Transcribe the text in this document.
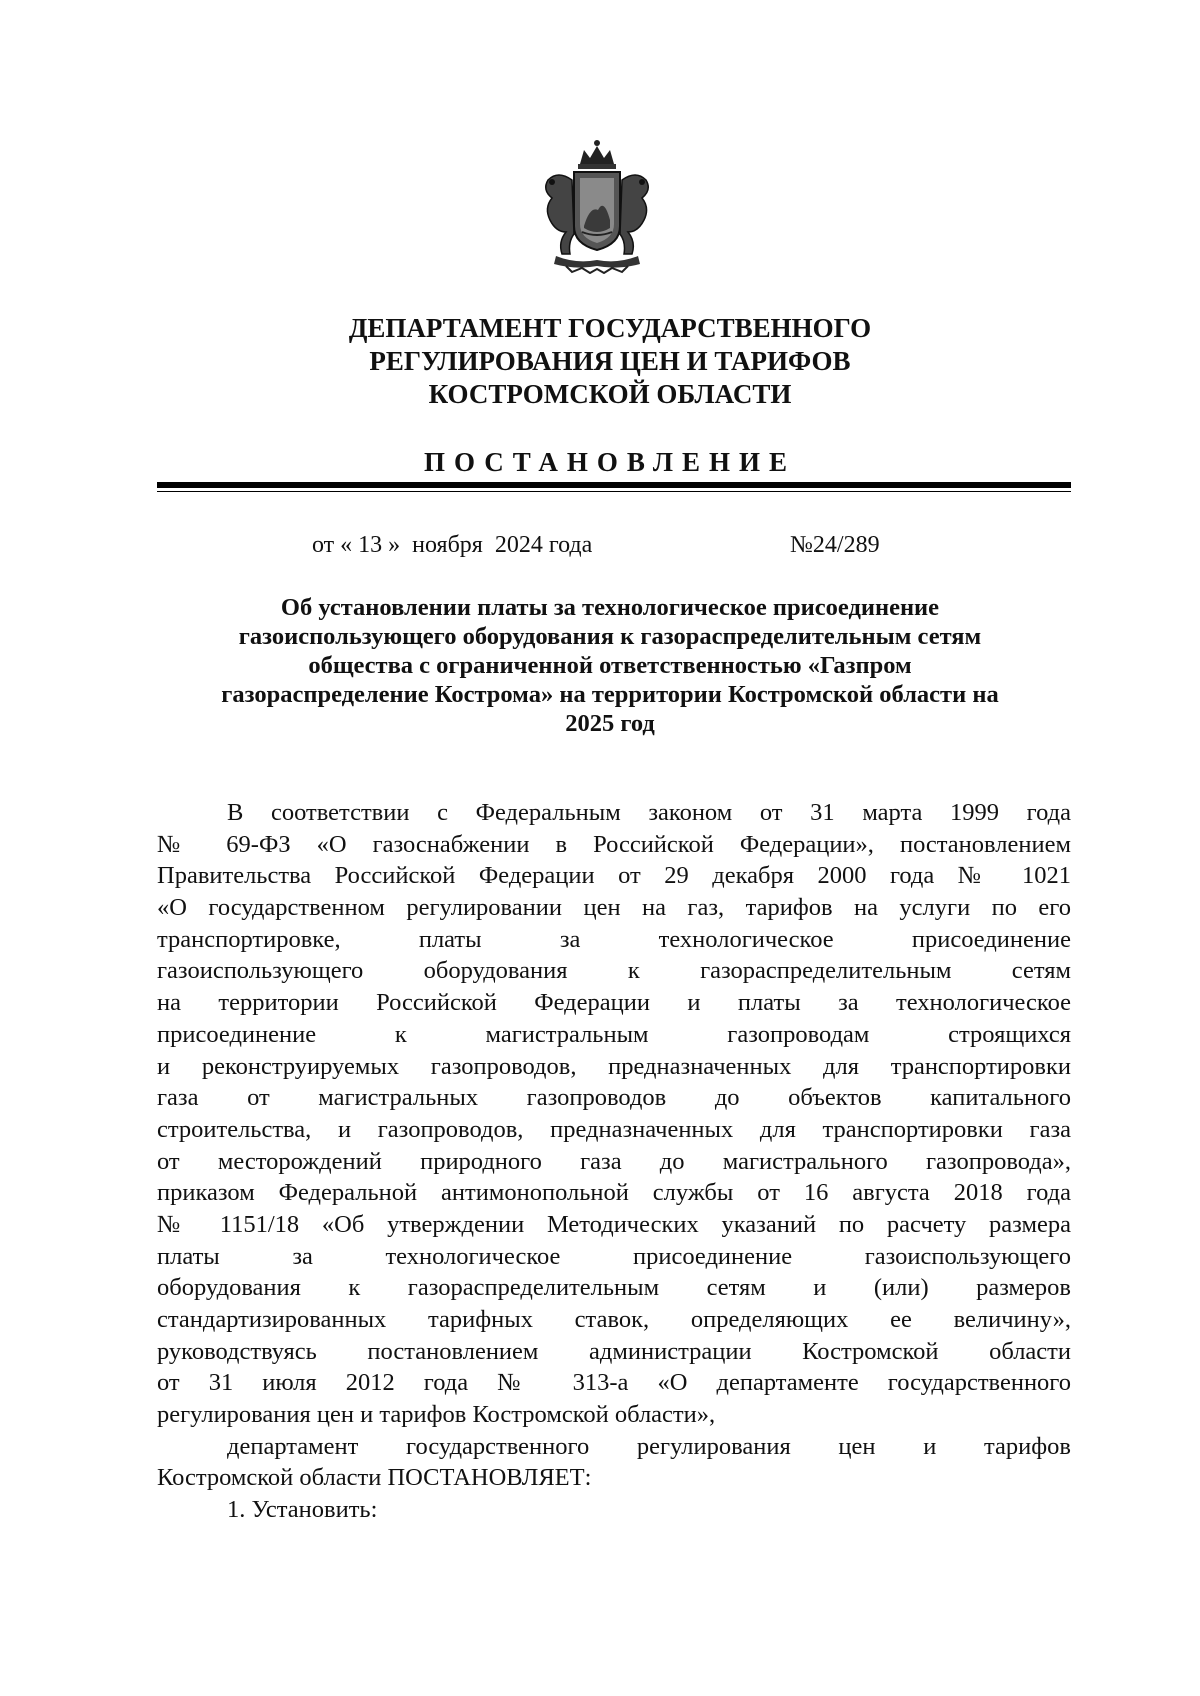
ДЕПАРТАМЕНТ ГОСУДАРСТВЕННОГО
РЕГУЛИРОВАНИЯ ЦЕН И ТАРИФОВ
КОСТРОМСКОЙ ОБЛАСТИ
ПОСТАНОВЛЕНИЕ
от « 13 »  ноября  2024 года	№24/289
Об установлении платы за технологическое присоединение
газоиспользующего оборудования к газораспределительным сетям
общества с ограниченной ответственностью «Газпром
газораспределение Кострома» на территории Костромской области на
2025 год
В соответствии с Федеральным законом от 31 марта 1999 года
№ 69-ФЗ «О газоснабжении в Российской Федерации», постановлением
Правительства Российской Федерации от 29 декабря 2000 года № 1021
«О государственном регулировании цен на газ, тарифов на услуги по его
транспортировке, платы за технологическое присоединение
газоиспользующего оборудования к газораспределительным сетям
на территории Российской Федерации и платы за технологическое
присоединение к магистральным газопроводам строящихся
и реконструируемых газопроводов, предназначенных для транспортировки
газа от магистральных газопроводов до объектов капитального
строительства, и газопроводов, предназначенных для транспортировки газа
от месторождений природного газа до магистрального газопровода»,
приказом Федеральной антимонопольной службы от 16 августа 2018 года
№ 1151/18 «Об утверждении Методических указаний по расчету размера
платы за технологическое присоединение газоиспользующего
оборудования к газораспределительным сетям и (или) размеров
стандартизированных тарифных ставок, определяющих ее величину»,
руководствуясь постановлением администрации Костромской области
от 31 июля 2012 года № 313-а «О департаменте государственного
регулирования цен и тарифов Костромской области»,
департамент государственного регулирования цен и тарифов
Костромской области ПОСТАНОВЛЯЕТ:
1. Установить:
